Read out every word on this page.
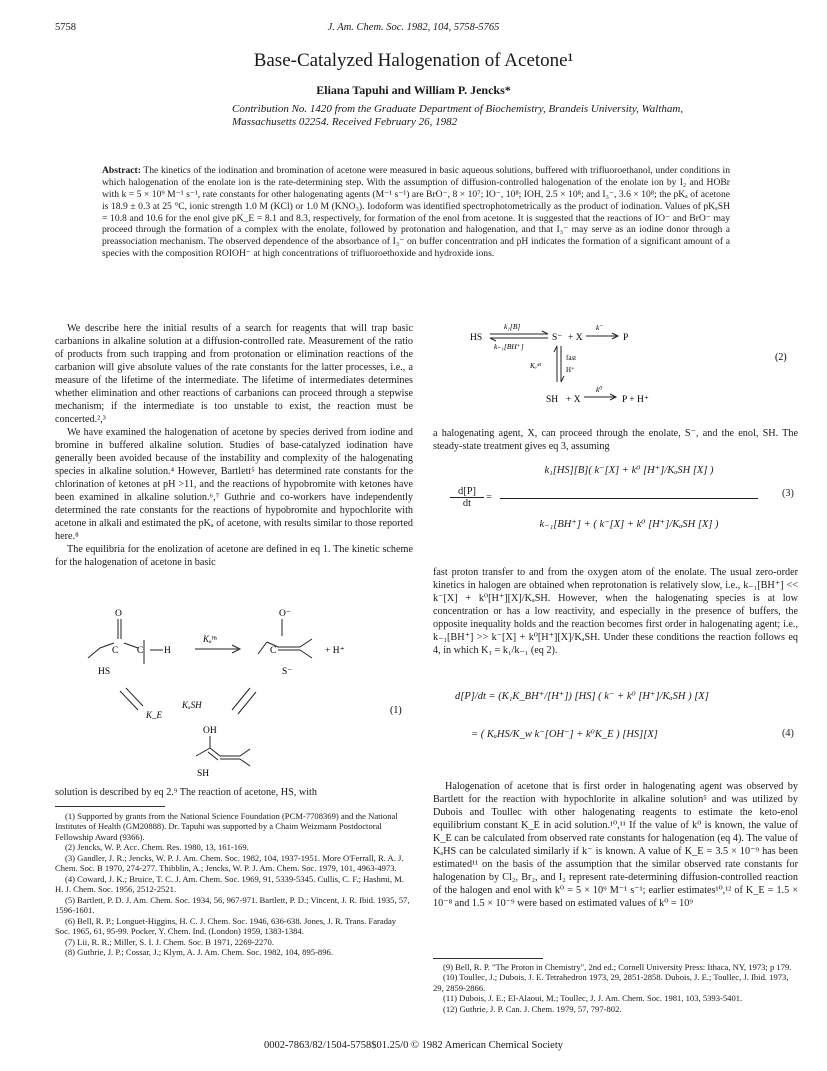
5758	J. Am. Chem. Soc. 1982, 104, 5758-5765
Base-Catalyzed Halogenation of Acetone¹
Eliana Tapuhi and William P. Jencks*
Contribution No. 1420 from the Graduate Department of Biochemistry, Brandeis University, Waltham, Massachusetts 02254. Received February 26, 1982
Abstract: The kinetics of the iodination and bromination of acetone were measured in basic aqueous solutions, buffered with trifluoroethanol, under conditions in which halogenation of the enolate ion is the rate-determining step. With the assumption of diffusion-controlled halogenation of the enolate ion by I₂ and HOBr with k = 5 × 10⁹ M⁻¹ s⁻¹, rate constants for other halogenating agents (M⁻¹ s⁻¹) are BrO⁻, 8 × 10⁷; IO⁻, 10⁸; IOH, 2.5 × 10⁸; and I₃⁻, 3.6 × 10⁸; the pKₐ of acetone is 18.9 ± 0.3 at 25 °C, ionic strength 1.0 M (KCl) or 1.0 M (KNO₃). Iodoform was identified spectrophotometrically as the product of iodination. Values of pKₐSH = 10.8 and 10.6 for the enol give pK_E = 8.1 and 8.3, respectively, for formation of the enol from acetone. It is suggested that the reactions of IO⁻ and BrO⁻ may proceed through the formation of a complex with the enolate, followed by protonation and halogenation, and that I₃⁻ may serve as an iodine donor through a preassociation mechanism. The observed dependence of the absorbance of I₃⁻ on buffer concentration and pH indicates the formation of a significant amount of a species with the composition ROIOH⁻ at high concentrations of trifluoroethoxide and hydroxide ions.

We describe here the initial results of a search for reagents that will trap basic carbanions in alkaline solution at a diffusion-controlled rate. Measurement of the ratio of products from such trapping and from protonation or elimination reactions of the carbanion will give absolute values of the rate constants for the latter processes, i.e., a measure of the lifetime of the intermediate. The lifetime of intermediates determines whether elimination and other reactions of carbanions can proceed through a stepwise mechanism; if the intermediate is too unstable to exist, the reaction must be concerted.²,³

We have examined the halogenation of acetone by species derived from iodine and bromine in buffered alkaline solution. Studies of base-catalyzed iodination have generally been avoided because of the instability and complexity of the halogenating species in alkaline solution.⁴ However, Bartlett⁵ has determined rate constants for the chlorination of ketones at pH >11, and the reactions of hypobromite with ketones have been examined in alkaline solution.⁶,⁷ Guthrie and co-workers have independently determined the rate constants for the reactions of hypobromite and hypochlorite with acetone in alkali and estimated the pKₐ of acetone, with results similar to those reported here.⁸

The equilibria for the enolization of acetone are defined in eq 1. The kinetic scheme for the halogenation of acetone in basic

O
C C H
Kₐᴴˢ
O⁻
C	+ H⁺
HS	S⁻
K_E
KₐSH
OH
SH
(1)

solution is described by eq 2.⁹ The reaction of acetone, HS, with

(1) Supported by grants from the National Science Foundation (PCM-7708369) and the National Institutes of Health (GM20888). Dr. Tapuhi was supported by a Chaim Weizmann Postdoctoral Fellowship Award (9366).

(2) Jencks, W. P. Acc. Chem. Res. 1980, 13, 161-169.

(3) Gandler, J. R.; Jencks, W. P. J. Am. Chem. Soc. 1982, 104, 1937-1951. More O'Ferrall, R. A. J. Chem. Soc. B 1970, 274-277. Thibblin, A.; Jencks, W. P. J. Am. Chem. Soc. 1979, 101, 4963-4973.

(4) Coward, J. K.; Bruice, T. C. J. Am. Chem. Soc. 1969, 91, 5339-5345. Cullis, C. F.; Hashmi, M. H. J. Chem. Soc. 1956, 2512-2521.

(5) Bartlett, P. D. J. Am. Chem. Soc. 1934, 56, 967-971. Bartlett, P. D.; Vincent, J. R. Ibid. 1935, 57, 1596-1601.

(6) Bell, R. P.; Longuet-Higgins, H. C. J. Chem. Soc. 1946, 636-638. Jones, J. R. Trans. Faraday Soc. 1965, 61, 95-99. Pocker, Y. Chem. Ind. (London) 1959, 1383-1384.

(7) Lii, R. R.; Miller, S. I. J. Chem. Soc. B 1971, 2269-2270.

(8) Guthrie, J. P.; Cossar, J.; Klym, A. J. Am. Chem. Soc. 1982, 104, 895-896.

HS
k₁[B]
k₋₁[BH⁺]
S⁻ + X
k⁻
P
Kₐˢᴴ
fast
H⁺
SH + X
k⁰
P + H⁺
(2)

a halogenating agent, X, can proceed through the enolate, S⁻, and the enol, SH. The steady-state treatment gives eq 3, assuming

$\frac{d[P]}{dt}$ =
k₁[HS][B]( k⁻[X] + k⁰ [H⁺]/KₐSH [X] )
k₋₁[BH⁺] + ( k⁻[X] + k⁰ [H⁺]/KₐSH [X] )
(3)

fast proton transfer to and from the oxygen atom of the enolate. The usual zero-order kinetics in halogen are obtained when reprotonation is relatively slow, i.e., k₋₁[BH⁺] << k⁻[X] + k⁰[H⁺][X]/KₐSH. However, when the halogenating species is at low concentration or has a low reactivity, and especially in the presence of buffers, the opposite inequality holds and the reaction becomes first order in halogenating agent; i.e., k₋₁[BH⁺] >> k⁻[X] + k⁰[H⁺][X]/KₐSH. Under these conditions the reaction follows eq 4, in which K₁ = k₁/k₋₁ (eq 2).

d[P]/dt = (K₁K_BH⁺/[H⁺]) [HS] ( k⁻ + k⁰ [H⁺]/KₐSH ) [X]
= ( KₐHS/K_w k⁻[OH⁻] + k⁰K_E ) [HS][X]	(4)

Halogenation of acetone that is first order in halogenating agent was observed by Bartlett for the reaction with hypochlorite in alkaline solution⁵ and was utilized by Dubois and Toullec with other halogenating reagents to estimate the keto-enol equilibrium constant K_E in acid solution.¹⁰,¹¹ If the value of k⁰ is known, the value of K_E can be calculated from observed rate constants for halogenation (eq 4). The value of KₐHS can be calculated similarly if k⁻ is known. A value of K_E = 3.5 × 10⁻⁹ has been estimated¹¹ on the basis of the assumption that the similar observed rate constants for halogenation by Cl₂, Br₂, and I₂ represent rate-determining diffusion-controlled reaction of the halogen and enol with k⁰ = 5 × 10⁹ M⁻¹ s⁻¹; earlier estimates¹⁰,¹² of K_E = 1.5 × 10⁻⁸ and 1.5 × 10⁻⁹ were based on estimated values of k⁰ = 10⁹

(9) Bell, R. P. "The Proton in Chemistry", 2nd ed.; Cornell University Press: Ithaca, NY, 1973; p 179.

(10) Toullec, J.; Dubois, J. E. Tetrahedron 1973, 29, 2851-2858. Dubois, J. E.; Toullec, J. Ibid. 1973, 29, 2859-2866.

(11) Dubois, J. E.; El-Alaoui, M.; Toullec, J. J. Am. Chem. Soc. 1981, 103, 5393-5401.

(12) Guthrie, J. P. Can. J. Chem. 1979, 57, 797-802.

0002-7863/82/1504-5758$01.25/0 © 1982 American Chemical Society
